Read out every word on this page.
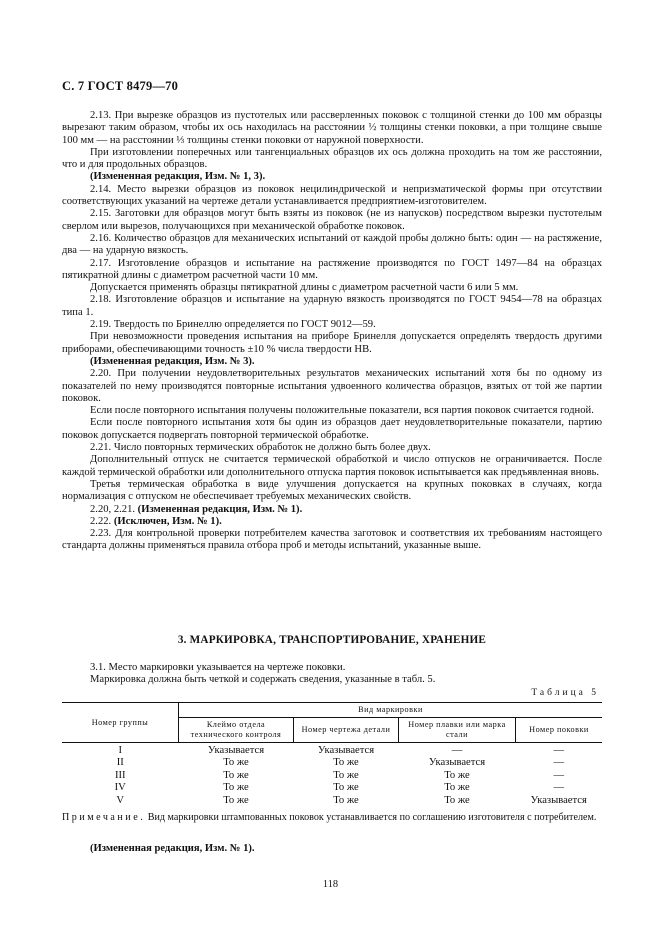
С. 7 ГОСТ 8479—70

2.13. При вырезке образцов из пустотелых или рассверленных поковок с толщиной стенки до 100 мм образцы вырезают таким образом, чтобы их ось находилась на расстоянии ½ толщины стенки поковки, а при толщине свыше 100 мм — на расстоянии ⅓ толщины стенки поковки от наружной поверхности.

При изготовлении поперечных или тангенциальных образцов их ось должна проходить на том же расстоянии, что и для продольных образцов.

(Измененная редакция, Изм. № 1, 3).

2.14. Место вырезки образцов из поковок нецилиндрической и непризматической формы при отсутствии соответствующих указаний на чертеже детали устанавливается предприятием-изготовителем.

2.15. Заготовки для образцов могут быть взяты из поковок (не из напусков) посредством вырезки пустотелым сверлом или вырезов, получающихся при механической обработке поковок.

2.16. Количество образцов для механических испытаний от каждой пробы должно быть: один — на растяжение, два — на ударную вязкость.

2.17. Изготовление образцов и испытание на растяжение производятся по ГОСТ 1497—84 на образцах пятикратной длины с диаметром расчетной части 10 мм.

Допускается применять образцы пятикратной длины с диаметром расчетной части 6 или 5 мм.

2.18. Изготовление образцов и испытание на ударную вязкость производятся по ГОСТ 9454—78 на образцах типа 1.

2.19. Твердость по Бринеллю определяется по ГОСТ 9012—59.

При невозможности проведения испытания на приборе Бринелля допускается определять твердость другими приборами, обеспечивающими точность ±10 % числа твердости НВ.

(Измененная редакция, Изм. № 3).

2.20. При получении неудовлетворительных результатов механических испытаний хотя бы по одному из показателей по нему производятся повторные испытания удвоенного количества образцов, взятых от той же партии поковок.

Если после повторного испытания получены положительные показатели, вся партия поковок считается годной.

Если после повторного испытания хотя бы один из образцов дает неудовлетворительные показатели, партию поковок допускается подвергать повторной термической обработке.

2.21. Число повторных термических обработок не должно быть более двух.

Дополнительный отпуск не считается термической обработкой и число отпусков не ограничивается. После каждой термической обработки или дополнительного отпуска партия поковок испытывается как предъявленная вновь.

Третья термическая обработка в виде улучшения допускается на крупных поковках в случаях, когда нормализация с отпуском не обеспечивает требуемых механических свойств.

2.20, 2.21. (Измененная редакция, Изм. № 1).

2.22. (Исключен, Изм. № 1).

2.23. Для контрольной проверки потребителем качества заготовок и соответствия их требованиям настоящего стандарта должны применяться правила отбора проб и методы испытаний, указанные выше.

3. МАРКИРОВКА, ТРАНСПОРТИРОВАНИЕ, ХРАНЕНИЕ

3.1. Место маркировки указывается на чертеже поковки.

Маркировка должна быть четкой и содержать сведения, указанные в табл. 5.

Таблица 5
Номер группы	Вид маркировки			
	Клеймо отдела технического контроля	Номер чертежа детали	Номер плавки или марка стали	Номер поковки
I	Указывается	Указывается	—	—
II	То же	То же	Указывается	—
III	То же	То же	То же	—
IV	То же	То же	То же	—
V	То же	То же	То же	Указывается
Примечание. Вид маркировки штампованных поковок устанавливается по соглашению изготовителя с потребителем.
(Измененная редакция, Изм. № 1).
118
